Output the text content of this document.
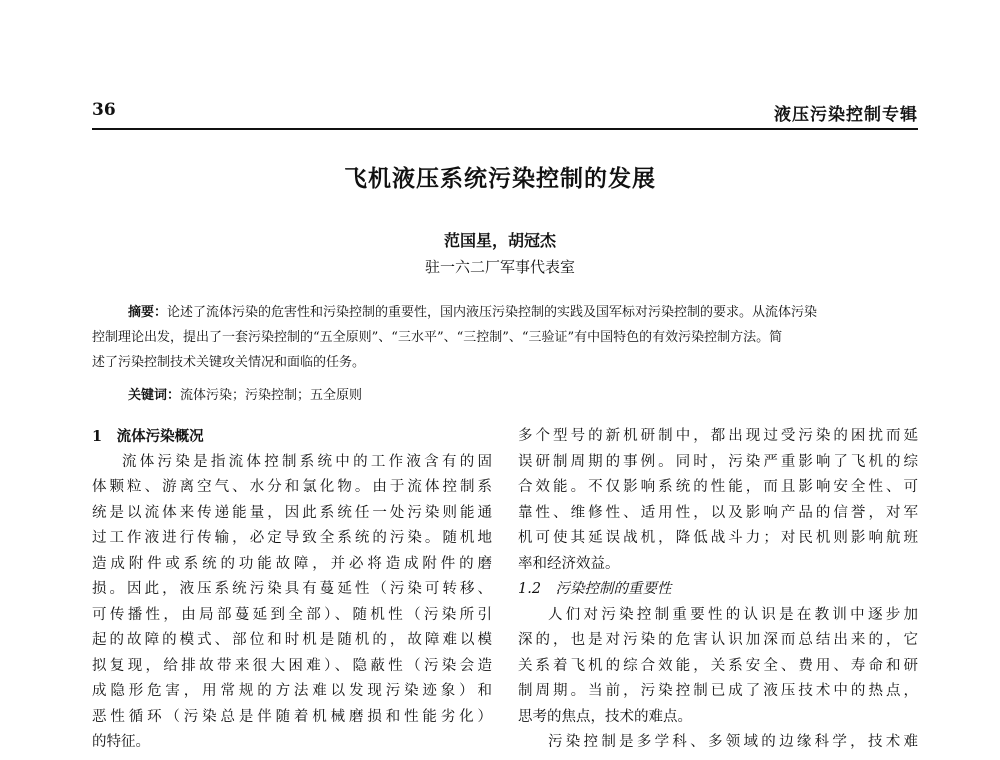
36	液压污染控制专辑
飞机液压系统污染控制的发展
范国星，胡冠杰
驻一六二厂军事代表室
摘要：论述了流体污染的危害性和污染控制的重要性，国内液压污染控制的实践及国军标对污染控制的要求。从流体污染
控制理论出发，提出了一套污染控制的“五全原则”、“三水平”、“三控制”、“三验证”有中国特色的有效污染控制方法。简
述了污染控制技术关键攻关情况和面临的任务。
关键词：流体污染；污染控制；五全原则
1　流体污染概况
流体污染是指流体控制系统中的工作液含有的固
体颗粒、游离空气、水分和氯化物。由于流体控制系
统是以流体来传递能量，因此系统任一处污染则能通
过工作液进行传输，必定导致全系统的污染。随机地
造成附件或系统的功能故障，并必将造成附件的磨
损。因此，液压系统污染具有蔓延性（污染可转移、
可传播性，由局部蔓延到全部）、随机性（污染所引
起的故障的模式、部位和时机是随机的，故障难以模
拟复现，给排故带来很大困难）、隐蔽性（污染会造
成隐形危害，用常规的方法难以发现污染迹象）和
恶性循环（污染总是伴随着机械磨损和性能劣化）
的特征。
多个型号的新机研制中，都出现过受污染的困扰而延
误研制周期的事例。同时，污染严重影响了飞机的综
合效能。不仅影响系统的性能，而且影响安全性、可
靠性、维修性、适用性，以及影响产品的信誉，对军
机可使其延误战机，降低战斗力；对民机则影响航班
率和经济效益。
1.2　污染控制的重要性
人们对污染控制重要性的认识是在教训中逐步加
深的，也是对污染的危害认识加深而总结出来的，它
关系着飞机的综合效能，关系安全、费用、寿命和研
制周期。当前，污染控制已成了液压技术中的热点，
思考的焦点，技术的难点。
污染控制是多学科、多领域的边缘科学，技术难
